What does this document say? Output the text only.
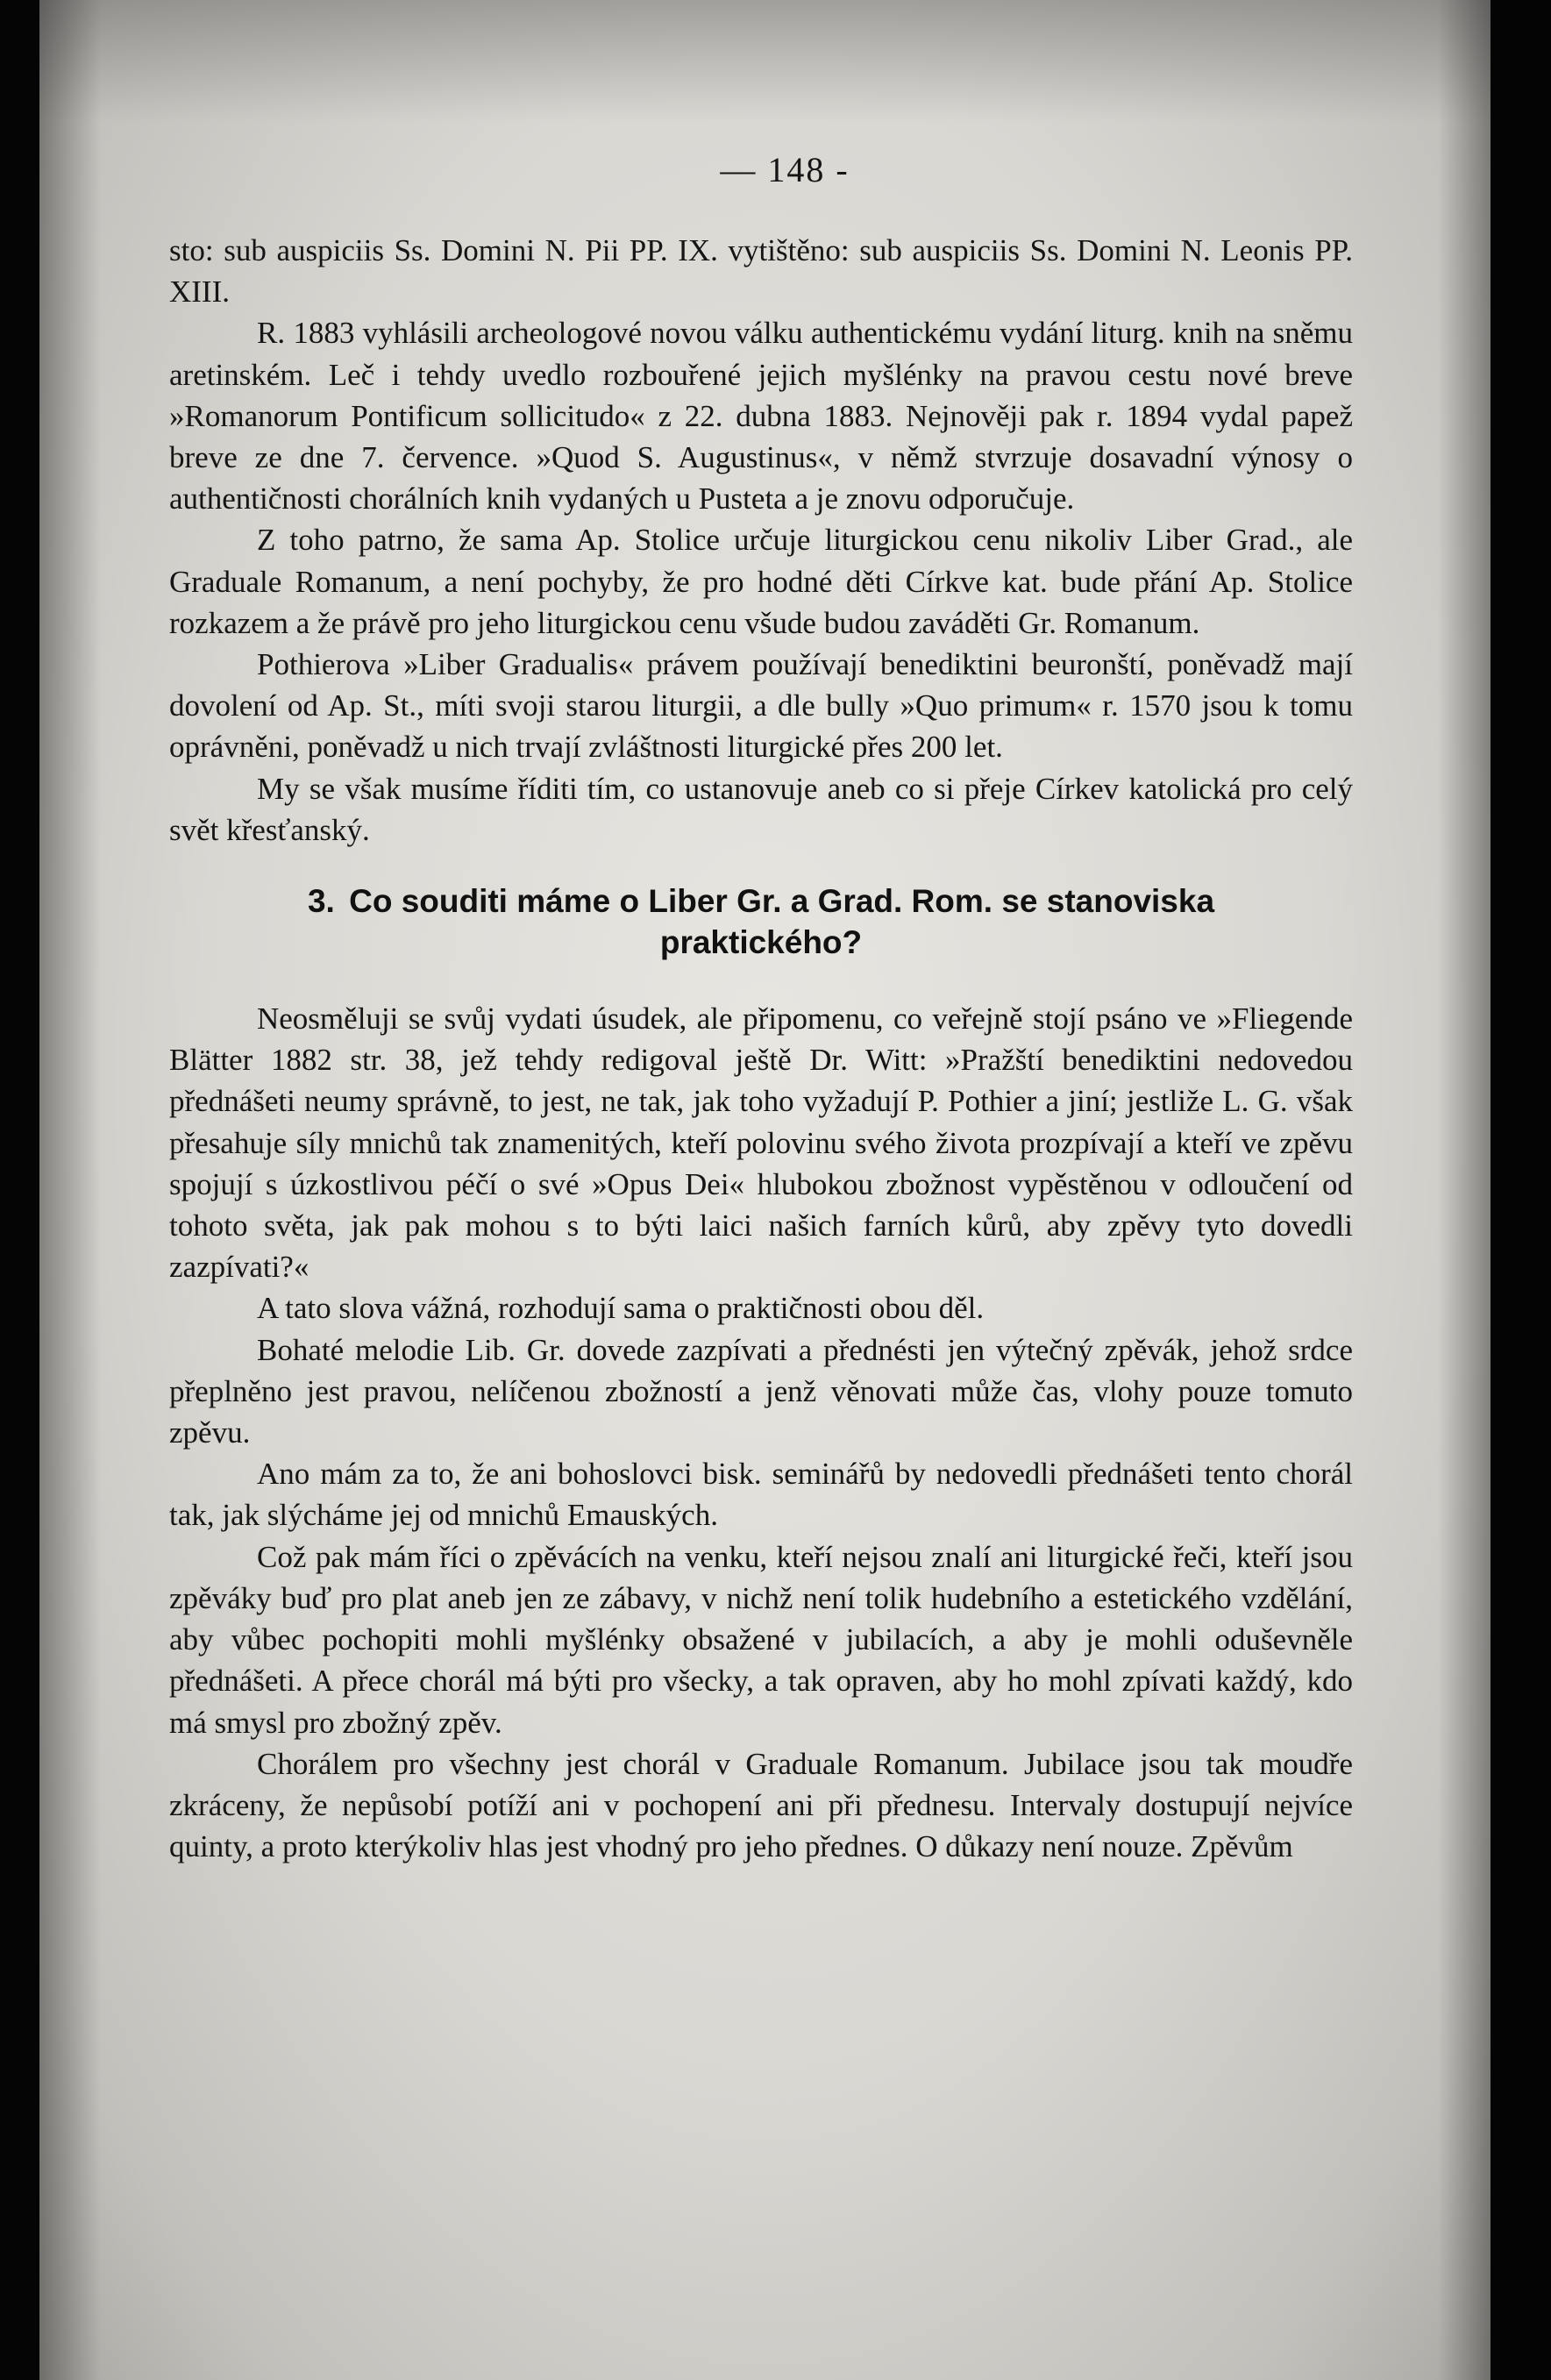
— 148 -

sto: sub auspiciis Ss. Domini N. Pii PP. IX. vytištěno: sub auspiciis Ss. Domini N. Leonis PP. XIII.

R. 1883 vyhlásili archeologové novou válku authentickému vydání liturg. knih na sněmu aretinském. Leč i tehdy uvedlo rozbouřené jejich myšlénky na pravou cestu nové breve »Romanorum Pontificum sollicitudo« z 22. dubna 1883. Nejnověji pak r. 1894 vydal papež breve ze dne 7. července. »Quod S. Augustinus«, v němž stvrzuje dosavadní výnosy o authentičnosti chorálních knih vydaných u Pusteta a je znovu odporučuje.

Z toho patrno, že sama Ap. Stolice určuje liturgickou cenu nikoliv Liber Grad., ale Graduale Romanum, a není pochyby, že pro hodné děti Církve kat. bude přání Ap. Stolice rozkazem a že právě pro jeho liturgickou cenu všude budou zaváděti Gr. Romanum.

Pothierova »Liber Gradualis« právem používají benediktini beuronští, poněvadž mají dovolení od Ap. St., míti svoji starou liturgii, a dle bully »Quo primum« r. 1570 jsou k tomu oprávněni, poněvadž u nich trvají zvláštnosti liturgické přes 200 let.

My se však musíme říditi tím, co ustanovuje aneb co si přeje Církev katolická pro celý svět křesťanský.

3. Co souditi máme o Liber Gr. a Grad. Rom. se stanoviska praktického?

Neosměluji se svůj vydati úsudek, ale připomenu, co veřejně stojí psáno ve »Fliegende Blätter 1882 str. 38, jež tehdy redigoval ještě Dr. Witt: »Pražští benediktini nedovedou přednášeti neumy správně, to jest, ne tak, jak toho vyžadují P. Pothier a jiní; jestliže L. G. však přesahuje síly mnichů tak znamenitých, kteří polovinu svého života prozpívají a kteří ve zpěvu spojují s úzkostlivou péčí o své »Opus Dei« hlubokou zbožnost vypěstěnou v odloučení od tohoto světa, jak pak mohou s to býti laici našich farních kůrů, aby zpěvy tyto dovedli zazpívati?«

A tato slova vážná, rozhodují sama o praktičnosti obou děl.

Bohaté melodie Lib. Gr. dovede zazpívati a přednésti jen výtečný zpěvák, jehož srdce přeplněno jest pravou, nelíčenou zbožností a jenž věnovati může čas, vlohy pouze tomuto zpěvu.

Ano mám za to, že ani bohoslovci bisk. seminářů by nedovedli přednášeti tento chorál tak, jak slýcháme jej od mnichů Emauských.

Což pak mám říci o zpěvácích na venku, kteří nejsou znalí ani liturgické řeči, kteří jsou zpěváky buď pro plat aneb jen ze zábavy, v nichž není tolik hudebního a estetického vzdělání, aby vůbec pochopiti mohli myšlénky obsažené v jubilacích, a aby je mohli oduševněle přednášeti. A přece chorál má býti pro všecky, a tak opraven, aby ho mohl zpívati každý, kdo má smysl pro zbožný zpěv.

Chorálem pro všechny jest chorál v Graduale Romanum. Jubilace jsou tak moudře zkráceny, že nepůsobí potíží ani v pochopení ani při přednesu. Intervaly dostupují nejvíce quinty, a proto kterýkoliv hlas jest vhodný pro jeho přednes. O důkazy není nouze. Zpěvům
